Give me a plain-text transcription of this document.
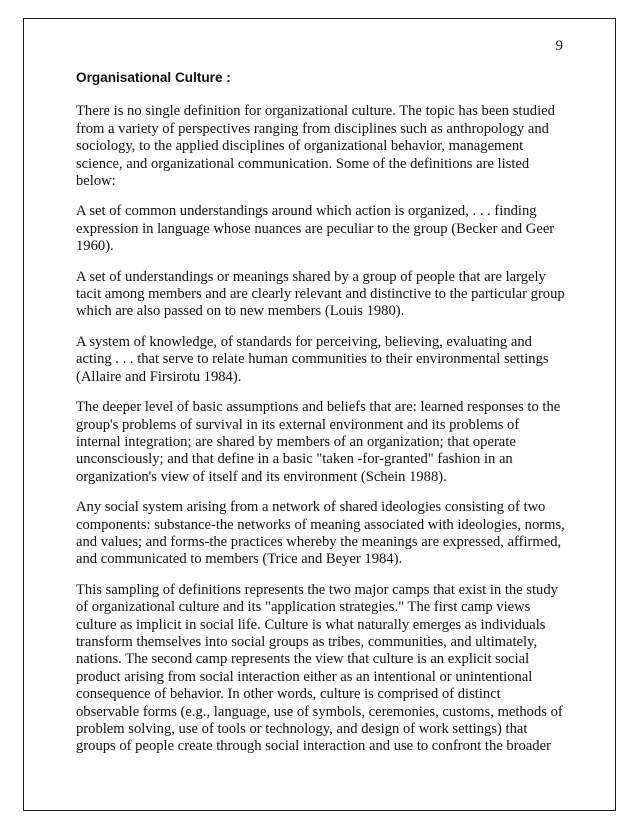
9
Organisational Culture :

There is no single definition for organizational culture. The topic has been studied from a variety of perspectives ranging from disciplines such as anthropology and sociology, to the applied disciplines of organizational behavior, management science, and organizational communication. Some of the definitions are listed below:

A set of common understandings around which action is organized, . . . finding expression in language whose nuances are peculiar to the group (Becker and Geer 1960).

A set of understandings or meanings shared by a group of people that are largely tacit among members and are clearly relevant and distinctive to the particular group which are also passed on to new members (Louis 1980).

A system of knowledge, of standards for perceiving, believing, evaluating and acting . . . that serve to relate human communities to their environmental settings (Allaire and Firsirotu 1984).

The deeper level of basic assumptions and beliefs that are: learned responses to the group's problems of survival in its external environment and its problems of internal integration; are shared by members of an organization; that operate unconsciously; and that define in a basic "taken -for-granted" fashion in an organization's view of itself and its environment (Schein 1988).

Any social system arising from a network of shared ideologies consisting of two components: substance-the networks of meaning associated with ideologies, norms, and values; and forms-the practices whereby the meanings are expressed, affirmed, and communicated to members (Trice and Beyer 1984).

This sampling of definitions represents the two major camps that exist in the study of organizational culture and its "application strategies." The first camp views culture as implicit in social life. Culture is what naturally emerges as individuals transform themselves into social groups as tribes, communities, and ultimately, nations. The second camp represents the view that culture is an explicit social product arising from social interaction either as an intentional or unintentional consequence of behavior. In other words, culture is comprised of distinct observable forms (e.g., language, use of symbols, ceremonies, customs, methods of problem solving, use of tools or technology, and design of work settings) that groups of people create through social interaction and use to confront the broader
